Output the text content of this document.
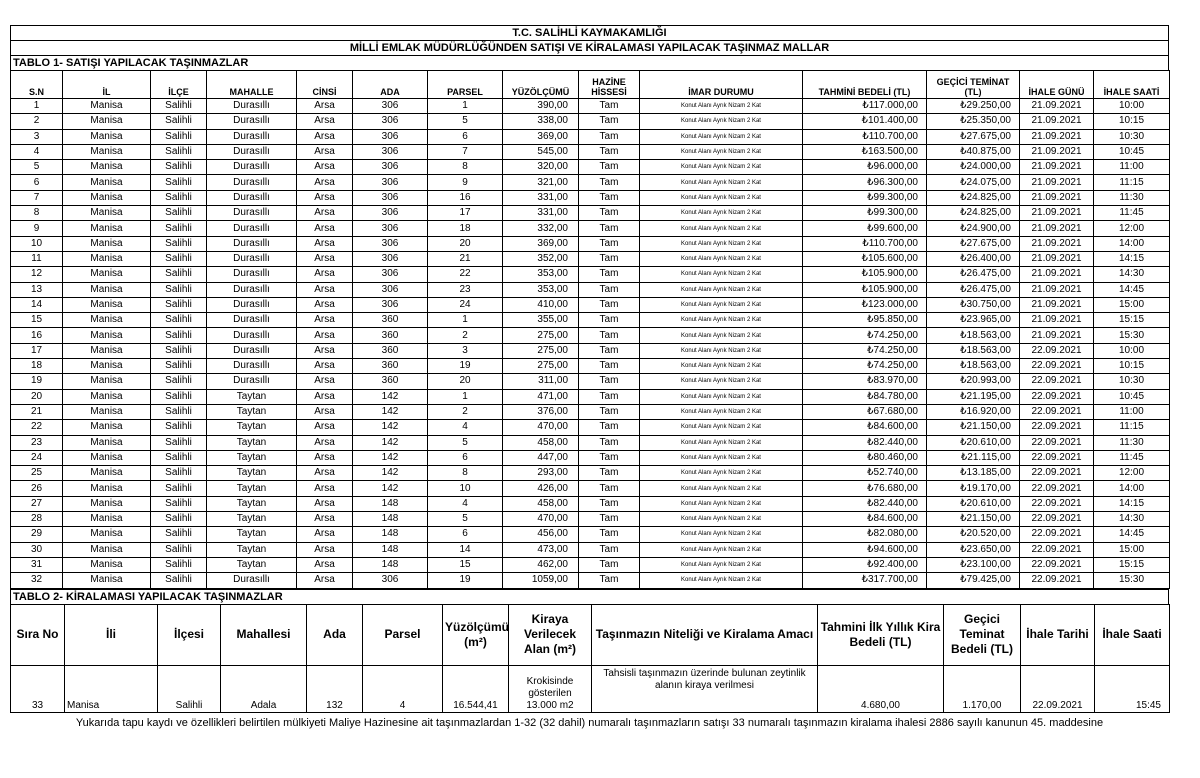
T.C. SALİHLİ KAYMAKAMLIĞI
MİLLİ EMLAK MÜDÜRLÜĞÜNDEN SATIŞI VE KİRALAMASI YAPILACAK TAŞINMAZ MALLAR
TABLO 1- SATIŞI YAPILACAK TAŞINMAZLAR
S.N	İL	İLÇE	MAHALLE	CİNSİ	ADA	PARSEL	YÜZÖLÇÜMÜ	HAZİNE HİSSESİ	İMAR DURUMU	TAHMİNİ BEDELİ (TL)	GEÇİCİ TEMİNAT (TL)	İHALE GÜNÜ	İHALE SAATİ
1	Manisa	Salihli	Durasıllı	Arsa	306	1	390,00	Tam	Konut Alanı Ayrık Nizam 2 Kat	₺117.000,00	₺29.250,00	21.09.2021	10:00
2	Manisa	Salihli	Durasıllı	Arsa	306	5	338,00	Tam	Konut Alanı Ayrık Nizam 2 Kat	₺101.400,00	₺25.350,00	21.09.2021	10:15
3	Manisa	Salihli	Durasıllı	Arsa	306	6	369,00	Tam	Konut Alanı Ayrık Nizam 2 Kat	₺110.700,00	₺27.675,00	21.09.2021	10:30
4	Manisa	Salihli	Durasıllı	Arsa	306	7	545,00	Tam	Konut Alanı Ayrık Nizam 2 Kat	₺163.500,00	₺40.875,00	21.09.2021	10:45
5	Manisa	Salihli	Durasıllı	Arsa	306	8	320,00	Tam	Konut Alanı Ayrık Nizam 2 Kat	₺96.000,00	₺24.000,00	21.09.2021	11:00
6	Manisa	Salihli	Durasıllı	Arsa	306	9	321,00	Tam	Konut Alanı Ayrık Nizam 2 Kat	₺96.300,00	₺24.075,00	21.09.2021	11:15
7	Manisa	Salihli	Durasıllı	Arsa	306	16	331,00	Tam	Konut Alanı Ayrık Nizam 2 Kat	₺99.300,00	₺24.825,00	21.09.2021	11:30
8	Manisa	Salihli	Durasıllı	Arsa	306	17	331,00	Tam	Konut Alanı Ayrık Nizam 2 Kat	₺99.300,00	₺24.825,00	21.09.2021	11:45
9	Manisa	Salihli	Durasıllı	Arsa	306	18	332,00	Tam	Konut Alanı Ayrık Nizam 2 Kat	₺99.600,00	₺24.900,00	21.09.2021	12:00
10	Manisa	Salihli	Durasıllı	Arsa	306	20	369,00	Tam	Konut Alanı Ayrık Nizam 2 Kat	₺110.700,00	₺27.675,00	21.09.2021	14:00
11	Manisa	Salihli	Durasıllı	Arsa	306	21	352,00	Tam	Konut Alanı Ayrık Nizam 2 Kat	₺105.600,00	₺26.400,00	21.09.2021	14:15
12	Manisa	Salihli	Durasıllı	Arsa	306	22	353,00	Tam	Konut Alanı Ayrık Nizam 2 Kat	₺105.900,00	₺26.475,00	21.09.2021	14:30
13	Manisa	Salihli	Durasıllı	Arsa	306	23	353,00	Tam	Konut Alanı Ayrık Nizam 2 Kat	₺105.900,00	₺26.475,00	21.09.2021	14:45
14	Manisa	Salihli	Durasıllı	Arsa	306	24	410,00	Tam	Konut Alanı Ayrık Nizam 2 Kat	₺123.000,00	₺30.750,00	21.09.2021	15:00
15	Manisa	Salihli	Durasıllı	Arsa	360	1	355,00	Tam	Konut Alanı Ayrık Nizam 2 Kat	₺95.850,00	₺23.965,00	21.09.2021	15:15
16	Manisa	Salihli	Durasıllı	Arsa	360	2	275,00	Tam	Konut Alanı Ayrık Nizam 2 Kat	₺74.250,00	₺18.563,00	21.09.2021	15:30
17	Manisa	Salihli	Durasıllı	Arsa	360	3	275,00	Tam	Konut Alanı Ayrık Nizam 2 Kat	₺74.250,00	₺18.563,00	22.09.2021	10:00
18	Manisa	Salihli	Durasıllı	Arsa	360	19	275,00	Tam	Konut Alanı Ayrık Nizam 2 Kat	₺74.250,00	₺18.563,00	22.09.2021	10:15
19	Manisa	Salihli	Durasıllı	Arsa	360	20	311,00	Tam	Konut Alanı Ayrık Nizam 2 Kat	₺83.970,00	₺20.993,00	22.09.2021	10:30
20	Manisa	Salihli	Taytan	Arsa	142	1	471,00	Tam	Konut Alanı Ayrık Nizam 2 Kat	₺84.780,00	₺21.195,00	22.09.2021	10:45
21	Manisa	Salihli	Taytan	Arsa	142	2	376,00	Tam	Konut Alanı Ayrık Nizam 2 Kat	₺67.680,00	₺16.920,00	22.09.2021	11:00
22	Manisa	Salihli	Taytan	Arsa	142	4	470,00	Tam	Konut Alanı Ayrık Nizam 2 Kat	₺84.600,00	₺21.150,00	22.09.2021	11:15
23	Manisa	Salihli	Taytan	Arsa	142	5	458,00	Tam	Konut Alanı Ayrık Nizam 2 Kat	₺82.440,00	₺20.610,00	22.09.2021	11:30
24	Manisa	Salihli	Taytan	Arsa	142	6	447,00	Tam	Konut Alanı Ayrık Nizam 2 Kat	₺80.460,00	₺21.115,00	22.09.2021	11:45
25	Manisa	Salihli	Taytan	Arsa	142	8	293,00	Tam	Konut Alanı Ayrık Nizam 2 Kat	₺52.740,00	₺13.185,00	22.09.2021	12:00
26	Manisa	Salihli	Taytan	Arsa	142	10	426,00	Tam	Konut Alanı Ayrık Nizam 2 Kat	₺76.680,00	₺19.170,00	22.09.2021	14:00
27	Manisa	Salihli	Taytan	Arsa	148	4	458,00	Tam	Konut Alanı Ayrık Nizam 2 Kat	₺82.440,00	₺20.610,00	22.09.2021	14:15
28	Manisa	Salihli	Taytan	Arsa	148	5	470,00	Tam	Konut Alanı Ayrık Nizam 2 Kat	₺84.600,00	₺21.150,00	22.09.2021	14:30
29	Manisa	Salihli	Taytan	Arsa	148	6	456,00	Tam	Konut Alanı Ayrık Nizam 2 Kat	₺82.080,00	₺20.520,00	22.09.2021	14:45
30	Manisa	Salihli	Taytan	Arsa	148	14	473,00	Tam	Konut Alanı Ayrık Nizam 2 Kat	₺94.600,00	₺23.650,00	22.09.2021	15:00
31	Manisa	Salihli	Taytan	Arsa	148	15	462,00	Tam	Konut Alanı Ayrık Nizam 2 Kat	₺92.400,00	₺23.100,00	22.09.2021	15:15
32	Manisa	Salihli	Durasıllı	Arsa	306	19	1059,00	Tam	Konut Alanı Ayrık Nizam 2 Kat	₺317.700,00	₺79.425,00	22.09.2021	15:30
TABLO 2- KİRALAMASI YAPILACAK TAŞINMAZLAR
Sıra No	İli	İlçesi	Mahallesi	Ada	Parsel	Yüzölçümü (m²)	Kiraya Verilecek Alan (m²)	Taşınmazın Niteliği ve Kiralama Amacı	Tahmini İlk Yıllık Kira Bedeli (TL)	Geçici Teminat Bedeli (TL)	İhale Tarihi	İhale Saati
33	Manisa	Salihli	Adala	132	4	16.544,41	Krokisinde gösterilen 13.000 m2	Tahsisli taşınmazın üzerinde bulunan zeytinlik alanın kiraya verilmesi	4.680,00	1.170,00	22.09.2021	15:45
Yukarıda tapu kaydı ve özellikleri belirtilen mülkiyeti Maliye Hazinesine ait taşınmazlardan 1-32 (32 dahil) numaralı taşınmazların satışı 33 numaralı taşınmazın kiralama ihalesi 2886 sayılı kanunun 45. maddesine
